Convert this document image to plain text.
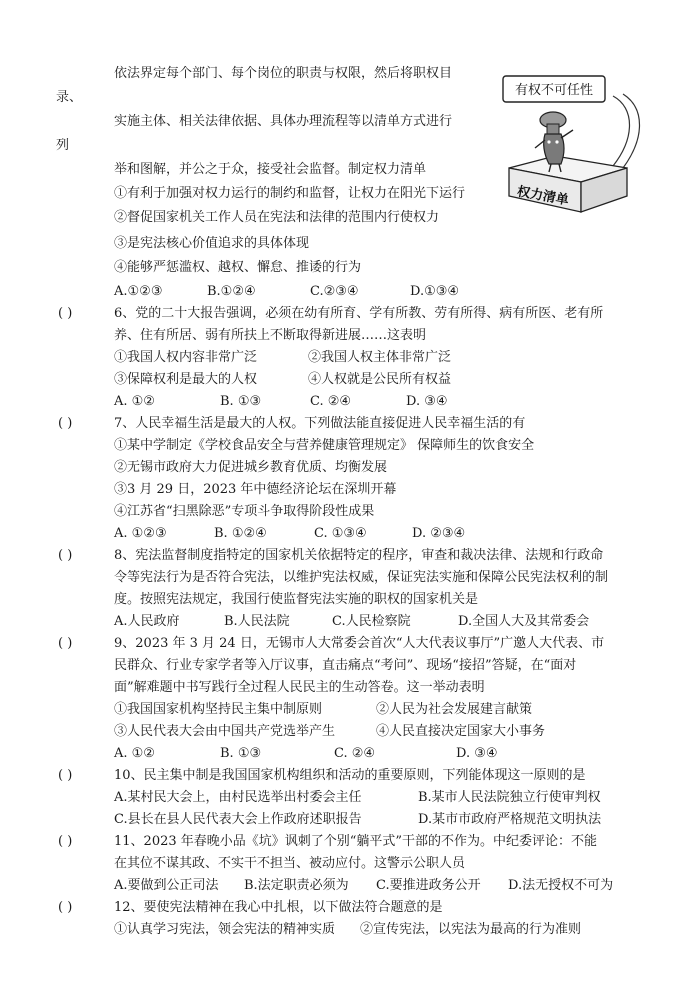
依法界定每个部门、每个岗位的职责与权限，然后将职权目
录、
实施主体、相关法律依据、具体办理流程等以清单方式进行
列
举和图解，并公之于众，接受社会监督。制定权力清单
有权不可任性
权力清单
①有利于加强对权力运行的制约和监督，让权力在阳光下运行
②督促国家机关工作人员在宪法和法律的范围内行使权力
③是宪法核心价值追求的具体体现
④能够严惩滥权、越权、懈怠、推诿的行为
A.①②③	B.①②④	C.②③④	D.①③④
( )	6、党的二十大报告强调，必须在幼有所育、学有所教、劳有所得、病有所医、老有所
养、住有所居、弱有所扶上不断取得新进展……这表明
①我国人权内容非常广泛	②我国人权主体非常广泛
③保障权利是最大的人权	④人权就是公民所有权益
A. ①②	B. ①③	C. ②④	D. ③④
( )	7、人民幸福生活是最大的人权。下列做法能直接促进人民幸福生活的有
①某中学制定《学校食品安全与营养健康管理规定》 保障师生的饮食安全
②无锡市政府大力促进城乡教育优质、均衡发展
③3 月 29 日，2023 年中德经济论坛在深圳开幕
④江苏省“扫黑除恶”专项斗争取得阶段性成果
A. ①②③	B. ①②④	C. ①③④	D. ②③④
( )	8、宪法监督制度指特定的国家机关依据特定的程序，审查和裁决法律、法规和行政命
令等宪法行为是否符合宪法，以维护宪法权威，保证宪法实施和保障公民宪法权利的制
度。按照宪法规定，我国行使监督宪法实施的职权的国家机关是
A.人民政府	B.人民法院	C.人民检察院	D.全国人大及其常委会
( )	9、2023 年 3 月 24 日，无锡市人大常委会首次“人大代表议事厅”广邀人大代表、市
民群众、行业专家学者等入厅议事，直击痛点“考问”、现场“接招”答疑，在“面对
面”解难题中书写践行全过程人民民主的生动答卷。这一举动表明
①我国国家机构坚持民主集中制原则	②人民为社会发展建言献策
③人民代表大会由中国共产党选举产生	④人民直接决定国家大小事务
A. ①②	B. ①③	C. ②④	D. ③④
( )	10、民主集中制是我国国家机构组织和活动的重要原则，下列能体现这一原则的是
A.某村民大会上，由村民选举出村委会主任	B.某市人民法院独立行使审判权
C.县长在县人民代表大会上作政府述职报告	D.某市市政府严格规范文明执法
( )	11、2023 年春晚小品《坑》讽刺了个别“躺平式”干部的不作为。中纪委评论：不能
在其位不谋其政、不实干不担当、被动应付。这警示公职人员
A.要做到公正司法 B.法定职责必须为 C.要推进政务公开 D.法无授权不可为
( )	12、要使宪法精神在我心中扎根，以下做法符合题意的是
①认真学习宪法，领会宪法的精神实质 ②宣传宪法，以宪法为最高的行为准则
